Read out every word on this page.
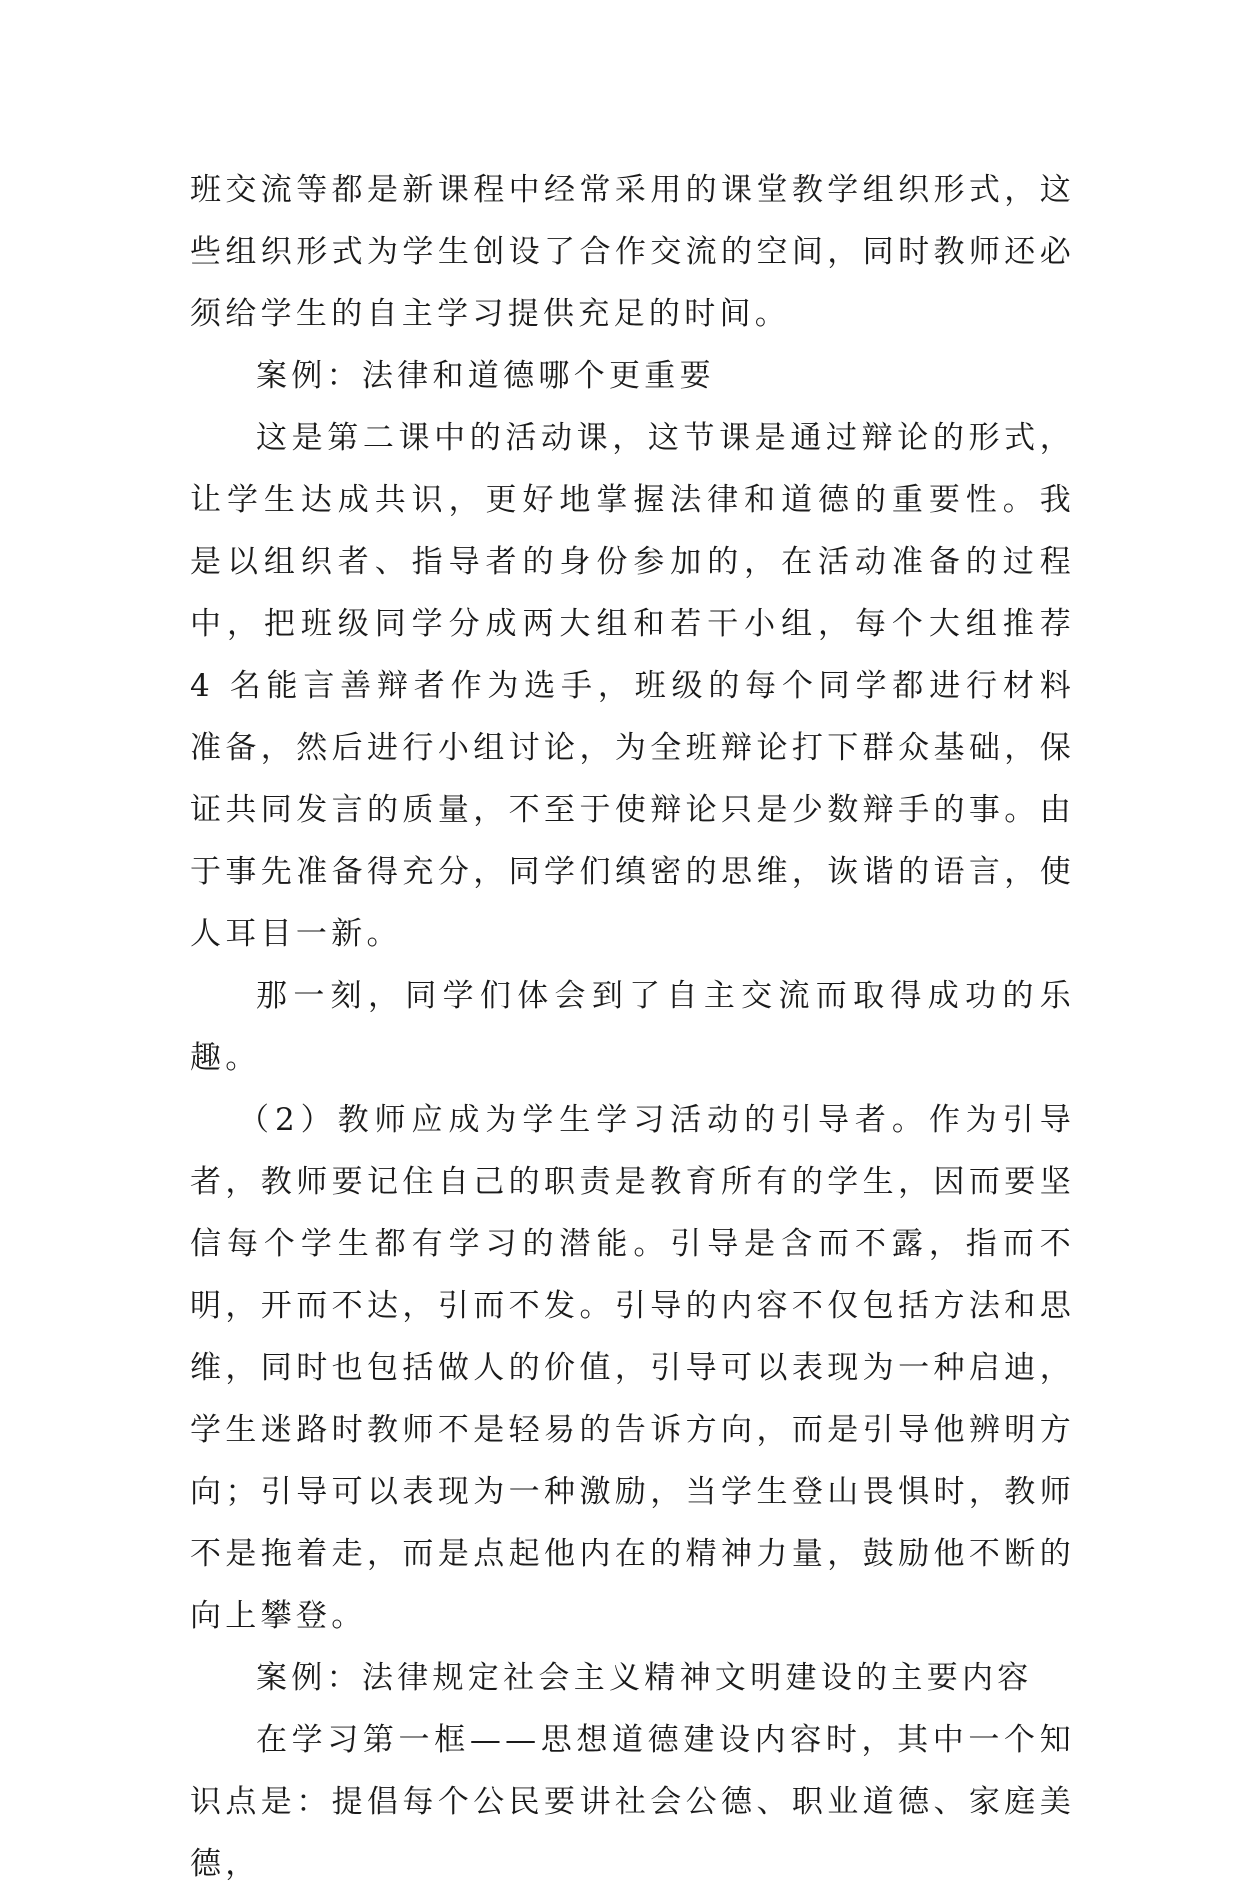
班交流等都是新课程中经常采用的课堂教学组织形式，这些组织形式为学生创设了合作交流的空间，同时教师还必须给学生的自主学习提供充足的时间。

案例：法律和道德哪个更重要

这是第二课中的活动课，这节课是通过辩论的形式，让学生达成共识，更好地掌握法律和道德的重要性。我 是以组织者、指导者的身份参加的，在活动准备的过程中，把班级同学分成两大组和若干小组，每个大组推荐 4 名能言善辩者作为选手，班级的每个同学都进行材料准备，然后进行小组讨论，为全班辩论打下群众基础，保证共同发言的质量，不至于使辩论只是少数辩手的事。由于事先准备得充分，同学们缜密的思维，诙谐的语言，使人耳目一新。

那一刻，同学们体会到了自主交流而取得成功的乐趣。

（2）教师应成为学生学习活动的引导者。作为引导者，教师要记住自己的职责是教育所有的学生，因而要坚信每个学生都有学习的潜能。引导是含而不露，指而不明，开而不达，引而不发。引导的内容不仅包括方法和思维，同时也包括做人的价值，引导可以表现为一种启迪，学生迷路时教师不是轻易的告诉方向，而是引导他辨明方向；引导可以表现为一种激励，当学生登山畏惧时，教师不是拖着走，而是点起他内在的精神力量，鼓励他不断的向上攀登。

案例：法律规定社会主义精神文明建设的主要内容

在学习第一框——思想道德建设内容时，其中一个知识点是：提倡每个公民要讲社会公德、职业道德、家庭美德，
